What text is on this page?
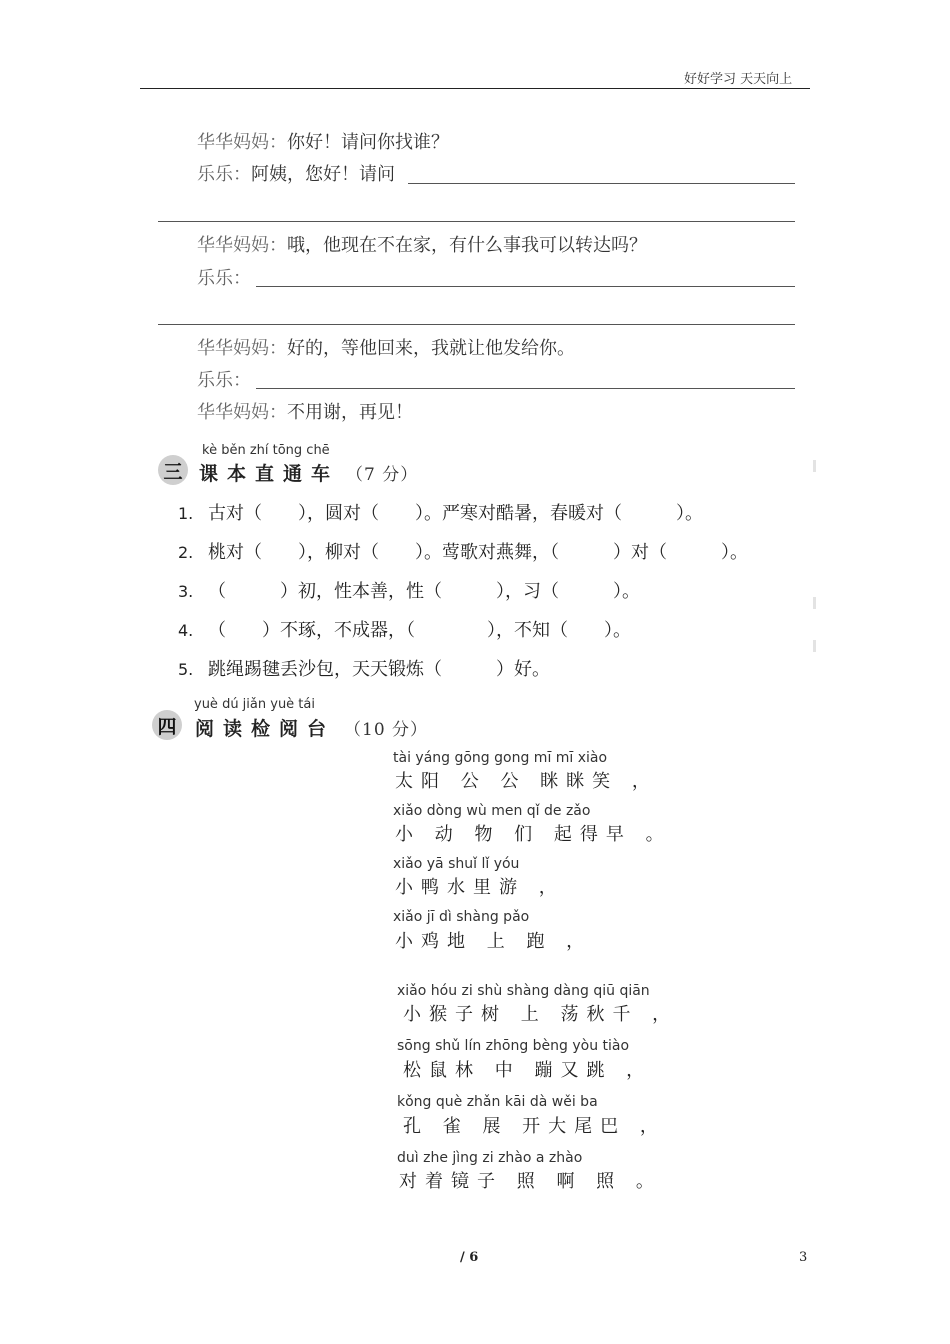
好好学习 天天向上
华华妈妈：你好！请问你找谁？
乐乐：阿姨，您好！请问
华华妈妈：哦，他现在不在家，有什么事我可以转达吗？
乐乐：
华华妈妈：好的，等他回来，我就让他发给你。
乐乐：
华华妈妈：不用谢，再见！
kè běn zhí tōng chē
三 课本直通车 （7 分）
1. 古对（　　），圆对（　　）。严寒对酷暑，春暖对（　　　）。
2. 桃对（　　），柳对（　　）。莺歌对燕舞，（　　　）对（　　　）。
3. （　　　）初，性本善，性（　　　），习（　　　）。
4. （　　）不琢，不成器，（　　　　），不知（　　）。
5. 跳绳踢毽丢沙包，天天锻炼（　　　）好。
yuè dú jiǎn yuè tái
四 阅读检阅台 （10 分）
tài yáng gōng gong mī mī xiào
太阳 公 公 眯眯笑 ，
xiǎo dòng wù men qǐ de zǎo
小 动 物 们 起得早 。
xiǎo yā shuǐ lǐ yóu
小鸭水里游 ，
xiǎo jī dì shàng pǎo
小鸡地 上 跑 ，
xiǎo hóu zi shù shàng dàng qiū qiān
小猴子树 上 荡秋千 ，
sōng shǔ lín zhōng bèng yòu tiào
松鼠林 中 蹦又跳 ，
kǒng què zhǎn kāi dà wěi ba
孔 雀 展 开大尾巴 ，
duì zhe jìng zi zhào a zhào
对着镜子 照 啊 照 。
/ 6	3
